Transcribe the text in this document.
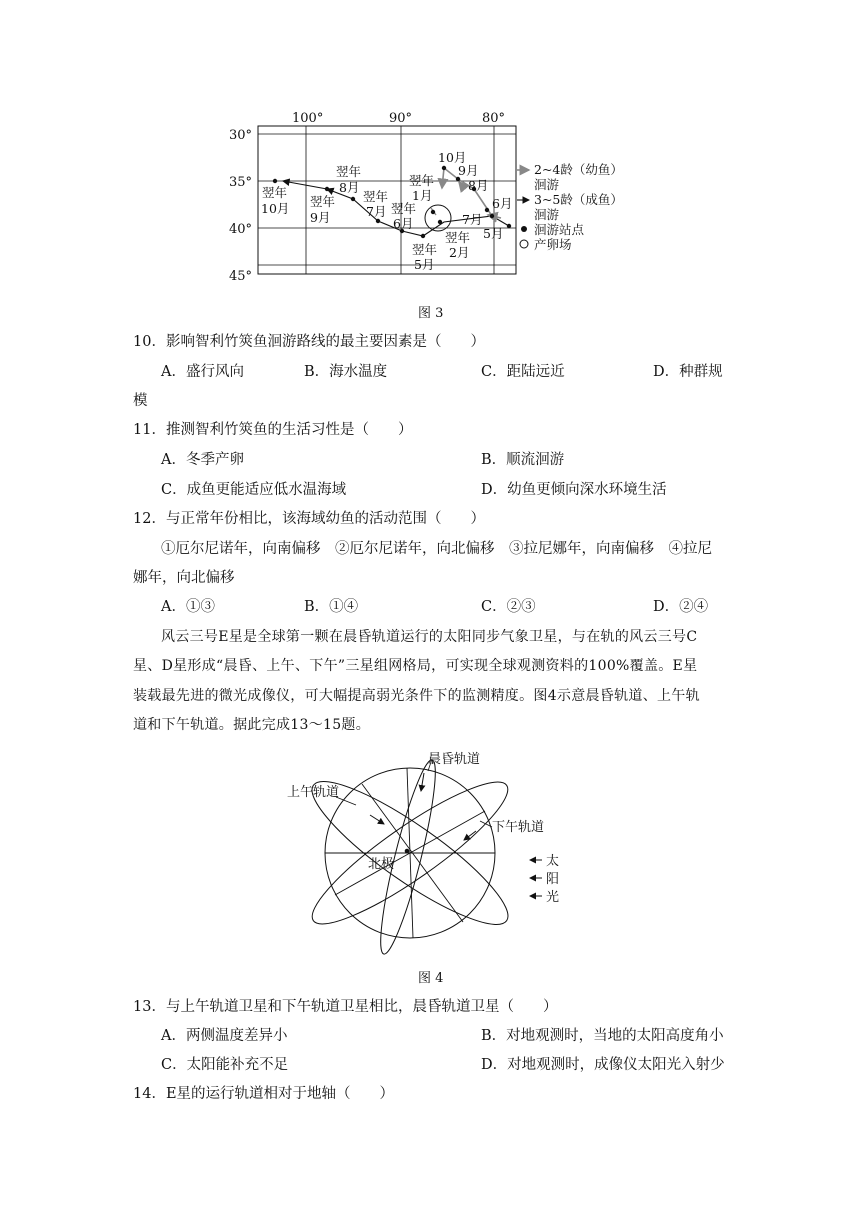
100°	90°	80°
30°
35°
40°
45°
翌年
10月
翌年
8月
翌年
9月
翌年
7月 翌年
6月
翌年
1月
翌年
2月
翌年
5月
10月
9月
8月
7月
6月
5月
2~4龄（幼鱼）
洄游
3~5龄（成鱼）
洄游
洄游站点
产卵场
图 3
10．影响智利竹筴鱼洄游路线的最主要因素是（　　）
A．盛行风向	B．海水温度	C．距陆远近	D．种群规
模
11．推测智利竹筴鱼的生活习性是（　　）
A．冬季产卵	B．顺流洄游
C．成鱼更能适应低水温海域	D．幼鱼更倾向深水环境生活
12．与正常年份相比，该海域幼鱼的活动范围（　　）
①厄尔尼诺年，向南偏移　②厄尔尼诺年，向北偏移　③拉尼娜年，向南偏移　④拉尼
娜年，向北偏移
A．①③	B．①④	C．②③	D．②④
风云三号E星是全球第一颗在晨昏轨道运行的太阳同步气象卫星，与在轨的风云三号C
星、D星形成“晨昏、上午、下午”三星组网格局，可实现全球观测资料的100%覆盖。E星
装载最先进的微光成像仪，可大幅提高弱光条件下的监测精度。图4示意晨昏轨道、上午轨
道和下午轨道。据此完成13～15题。
北极
晨昏轨道
上午轨道
下午轨道
太
阳
光
图 4
13．与上午轨道卫星和下午轨道卫星相比，晨昏轨道卫星（　　）
A．两侧温度差异小	B．对地观测时，当地的太阳高度角小
C．太阳能补充不足	D．对地观测时，成像仪太阳光入射少
14．E星的运行轨道相对于地轴（　　）
